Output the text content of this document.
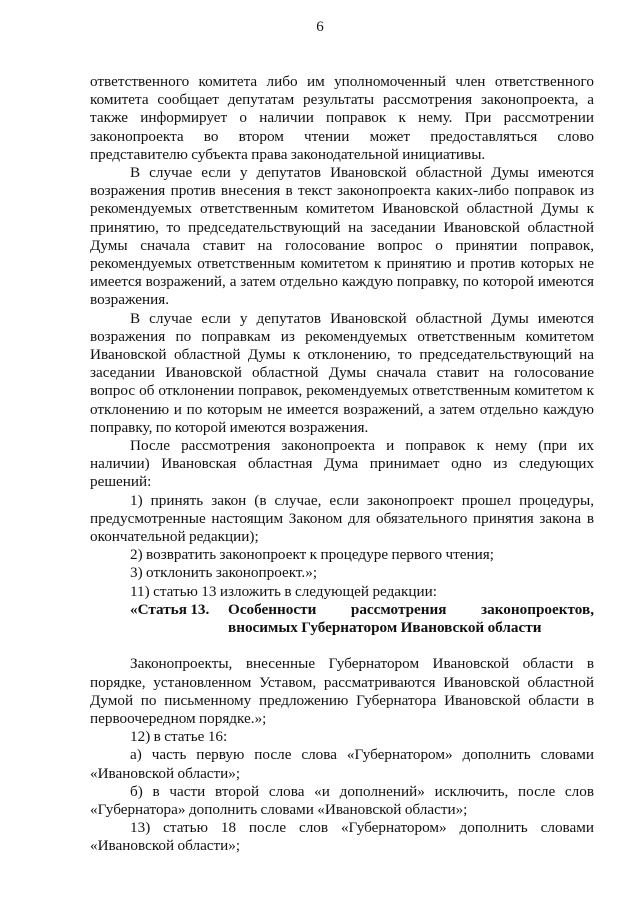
6

ответственного комитета либо им уполномоченный член ответственного комитета сообщает депутатам результаты рассмотрения законопроекта, а также информирует о наличии поправок к нему. При рассмотрении законопроекта во втором чтении может предоставляться слово представителю субъекта права законодательной инициативы.

В случае если у депутатов Ивановской областной Думы имеются возражения против внесения в текст законопроекта каких-либо поправок из рекомендуемых ответственным комитетом Ивановской областной Думы к принятию, то председательствующий на заседании Ивановской областной Думы сначала ставит на голосование вопрос о принятии поправок, рекомендуемых ответственным комитетом к принятию и против которых не имеется возражений, а затем отдельно каждую поправку, по которой имеются возражения.

В случае если у депутатов Ивановской областной Думы имеются возражения по поправкам из рекомендуемых ответственным комитетом Ивановской областной Думы к отклонению, то председательствующий на заседании Ивановской областной Думы сначала ставит на голосование вопрос об отклонении поправок, рекомендуемых ответственным комитетом к отклонению и по которым не имеется возражений, а затем отдельно каждую поправку, по которой имеются возражения.

После рассмотрения законопроекта и поправок к нему (при их наличии) Ивановская областная Дума принимает одно из следующих решений:

1) принять закон (в случае, если законопроект прошел процедуры, предусмотренные настоящим Законом для обязательного принятия закона в окончательной редакции);

2) возвратить законопроект к процедуре первого чтения;

3) отклонить законопроект.»;

11) статью 13 изложить в следующей редакции:

«Статья 13.	Особенности рассмотрения законопроектов,
вносимых Губернатором Ивановской области

Законопроекты, внесенные Губернатором Ивановской области в порядке, установленном Уставом, рассматриваются Ивановской областной Думой по письменному предложению Губернатора Ивановской области в первоочередном порядке.»;

12) в статье 16:

а) часть первую после слова «Губернатором» дополнить словами «Ивановской области»;

б) в части второй слова «и дополнений» исключить, после слов «Губернатора» дополнить словами «Ивановской области»;

13) статью 18 после слов «Губернатором» дополнить словами «Ивановской области»;
